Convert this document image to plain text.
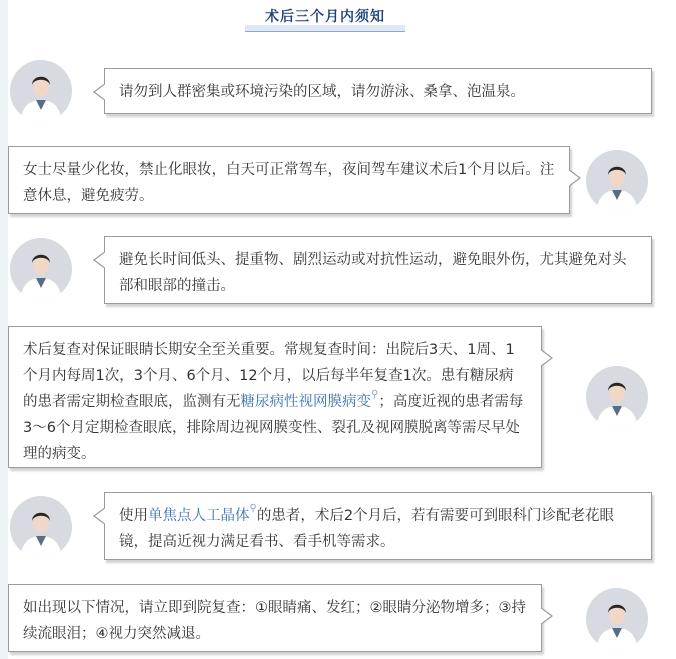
术后三个月内须知
请勿到人群密集或环境污染的区域，请勿游泳、桑拿、泡温泉。
女士尽量少化妆，禁止化眼妆，白天可正常驾车，夜间驾车建议术后1个月以后。注意休息，避免疲劳。
避免长时间低头、提重物、剧烈运动或对抗性运动，避免眼外伤，尤其避免对头部和眼部的撞击。
术后复查对保证眼睛长期安全至关重要。常规复查时间：出院后3天、1周、1个月内每周1次，3个月、6个月、12个月，以后每半年复查1次。患有糖尿病的患者需定期检查眼底，监测有无糖尿病性视网膜病变⚲；高度近视的患者需每3～6个月定期检查眼底，排除周边视网膜变性、裂孔及视网膜脱离等需尽早处理的病变。
使用单焦点人工晶体⚲的患者，术后2个月后，若有需要可到眼科门诊配老花眼镜，提高近视力满足看书、看手机等需求。
如出现以下情况，请立即到院复查：①眼睛痛、发红；②眼睛分泌物增多；③持续流眼泪；④视力突然减退。
